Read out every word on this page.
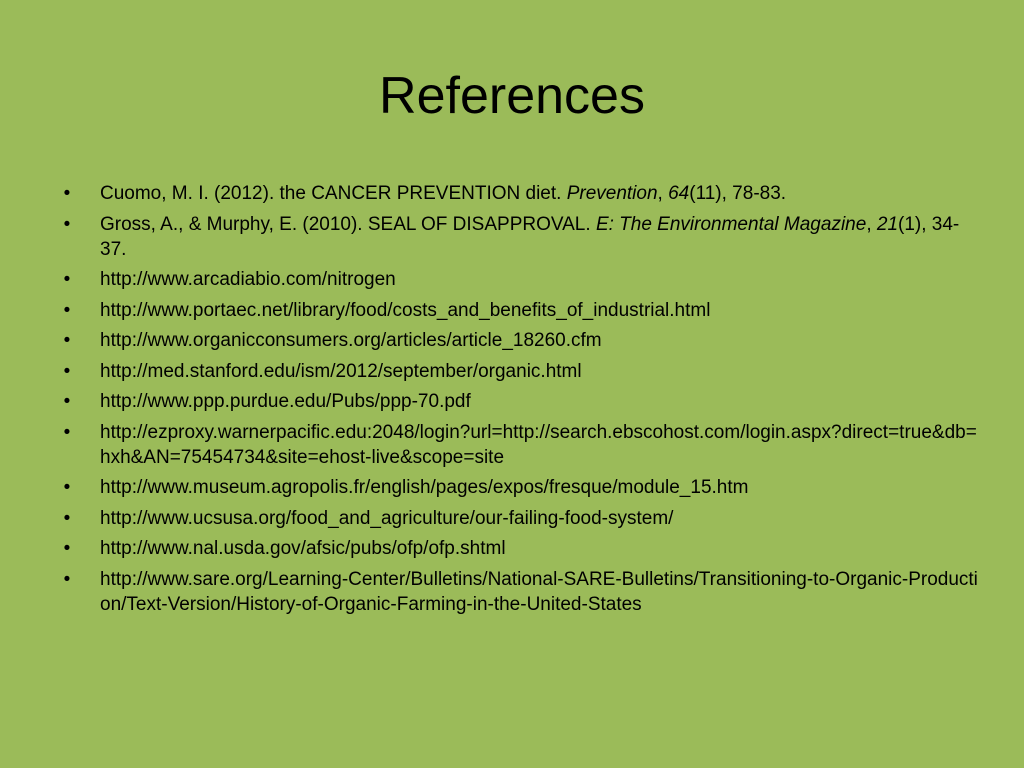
References
• Cuomo, M. I. (2012). the CANCER PREVENTION diet. Prevention, 64(11), 78-83.
• Gross, A., & Murphy, E. (2010). SEAL OF DISAPPROVAL. E: The Environmental Magazine, 21(1), 34-37.
• http://www.arcadiabio.com/nitrogen
• http://www.portaec.net/library/food/costs_and_benefits_of_industrial.html
• http://www.organicconsumers.org/articles/article_18260.cfm
• http://med.stanford.edu/ism/2012/september/organic.html
• http://www.ppp.purdue.edu/Pubs/ppp-70.pdf
• http://ezproxy.warnerpacific.edu:2048/login?url=http://search.ebscohost.com/login.aspx?direct=true&db=hxh&AN=75454734&site=ehost-live&scope=site
• http://www.museum.agropolis.fr/english/pages/expos/fresque/module_15.htm
• http://www.ucsusa.org/food_and_agriculture/our-failing-food-system/
• http://www.nal.usda.gov/afsic/pubs/ofp/ofp.shtml
• http://www.sare.org/Learning-Center/Bulletins/National-SARE-Bulletins/Transitioning-to-Organic-Production/Text-Version/History-of-Organic-Farming-in-the-United-States
